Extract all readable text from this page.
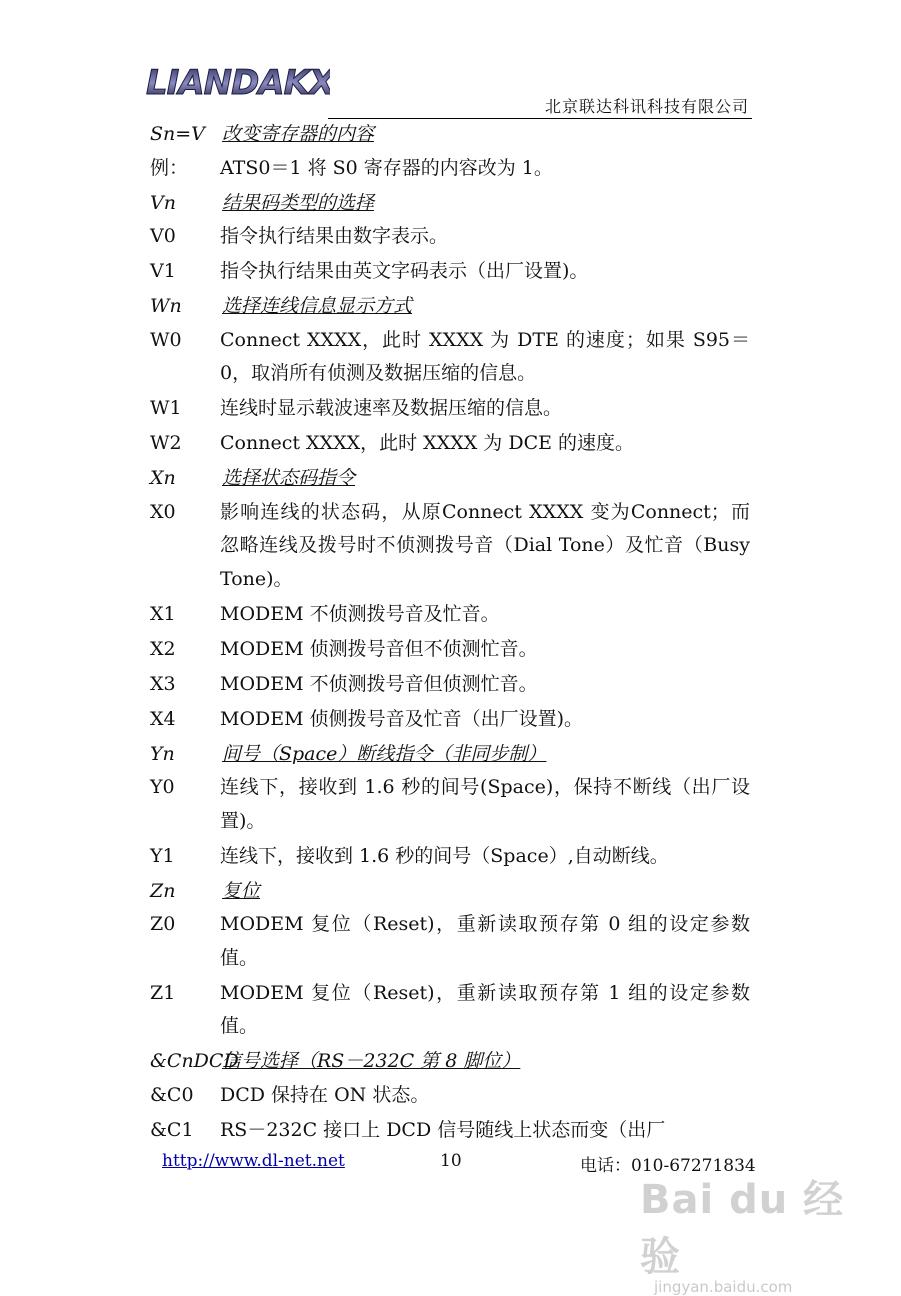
LIANDAKX
北京联达科讯科技有限公司
Sn=V 改变寄存器的内容
例：	ATS0＝1 将 S0 寄存器的内容改为 1。
Vn 结果码类型的选择
V0	指令执行结果由数字表示。
V1	指令执行结果由英文字码表示（出厂设置)。
Wn 选择连线信息显示方式
W0	Connect XXXX，此时 XXXX 为 DTE 的速度；如果 S95＝0，取消所有侦测及数据压缩的信息。
W1	连线时显示载波速率及数据压缩的信息。
W2	Connect XXXX，此时 XXXX 为 DCE 的速度。
Xn 选择状态码指令
X0	影响连线的状态码，从原Connect XXXX 变为Connect；而忽略连线及拨号时不侦测拨号音（Dial Tone）及忙音（Busy Tone)。
X1	MODEM 不侦测拨号音及忙音。
X2	MODEM 侦测拨号音但不侦测忙音。
X3	MODEM 不侦测拨号音但侦测忙音。
X4	MODEM 侦侧拨号音及忙音（出厂设置)。
Yn 间号（Space）断线指令（非同步制）
Y0	连线下，接收到 1.6 秒的间号(Space)，保持不断线（出厂设置)。
Y1	连线下，接收到 1.6 秒的间号（Space）,自动断线。
Zn 复位
Z0	MODEM 复位（Reset)，重新读取预存第 0 组的设定参数值。
Z1	MODEM 复位（Reset)，重新读取预存第 1 组的设定参数值。
&CnDCD信号选择（RS－232C 第 8 脚位）
&C0	DCD 保持在 ON 状态。
&C1	RS－232C 接口上 DCD 信号随线上状态而变（出厂
http://www.dl-net.net	10	电话：010-67271834
Bai du 经验
jingyan.baidu.com
